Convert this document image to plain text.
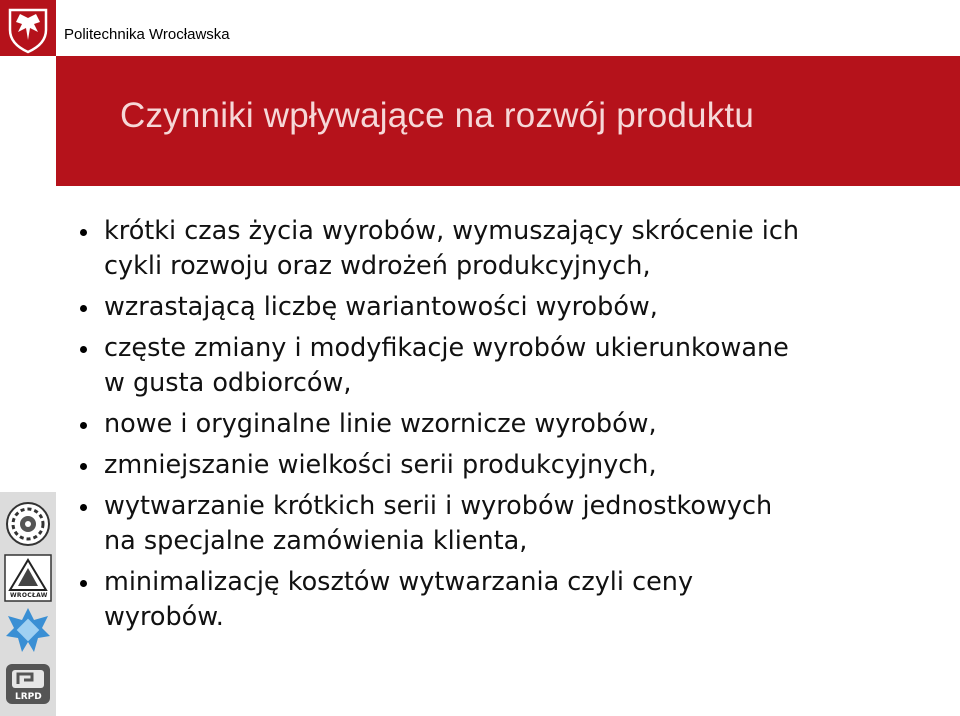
Politechnika Wrocławska
Czynniki wpływające na rozwój produktu
WROCŁAW
LRPD
krótki czas życia wyrobów, wymuszający skrócenie ich
cykli rozwoju oraz wdrożeń produkcyjnych,
wzrastającą liczbę wariantowości wyrobów,
częste zmiany i modyfikacje wyrobów ukierunkowane
w gusta odbiorców,
nowe i oryginalne linie wzornicze wyrobów,
zmniejszanie wielkości serii produkcyjnych,
wytwarzanie krótkich serii i wyrobów jednostkowych
na specjalne zamówienia klienta,
minimalizację kosztów wytwarzania czyli ceny
wyrobów.
